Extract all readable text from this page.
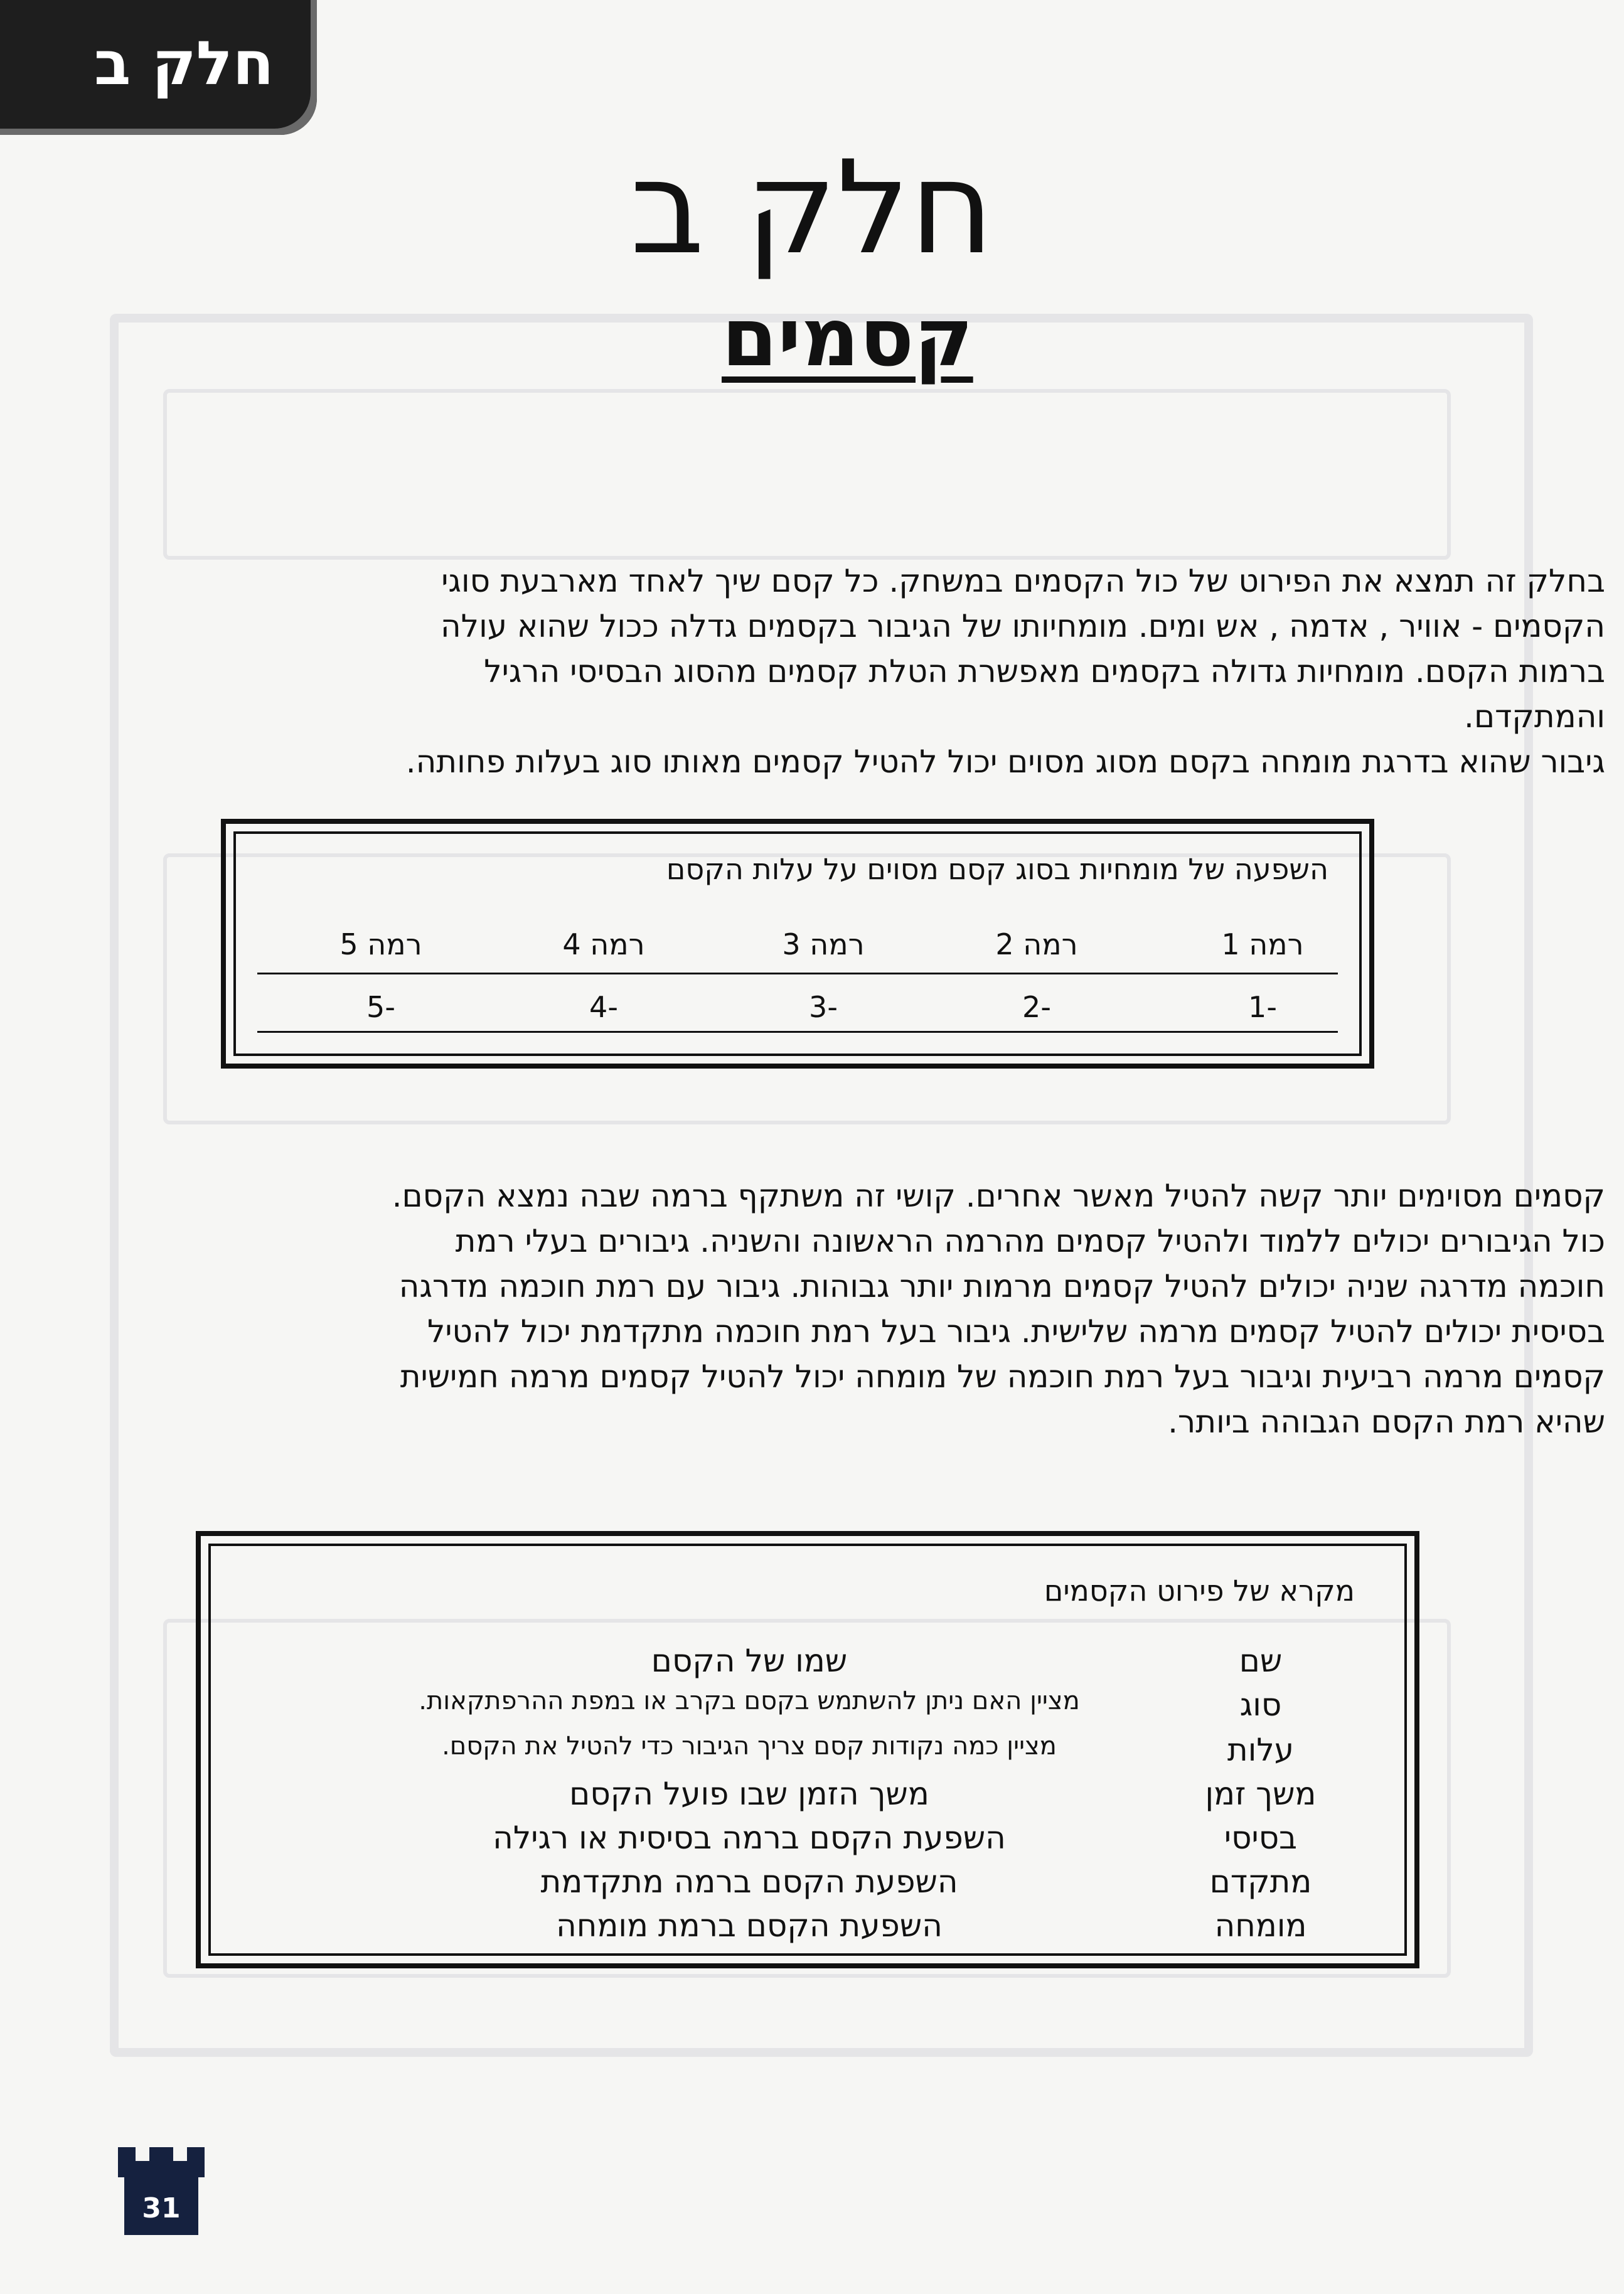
חלק ב
חלק ב
קסמים
בחלק זה תמצא את הפירוט של כול הקסמים במשחק. כל קסם שיך לאחד מארבעת סוגי
הקסמים - אוויר , אדמה , אש ומים. מומחיותו של הגיבור בקסמים גדלה ככול שהוא עולה
ברמות הקסם. מומחיות גדולה בקסמים מאפשרת הטלת קסמים מהסוג הבסיסי הרגיל
והמתקדם.
גיבור שהוא בדרגת מומחה בקסם מסוג מסוים יכול להטיל קסמים מאותו סוג בעלות פחותה.
השפעה של מומחיות בסוג קסם מסוים על עלות הקסם
רמה 1
רמה 2
רמה 3
רמה 4
רמה 5
-1
-2
-3
-4
-5
קסמים מסוימים יותר קשה להטיל מאשר אחרים. קושי זה משתקף ברמה שבה נמצא הקסם.
כול הגיבורים יכולים ללמוד ולהטיל קסמים מהרמה הראשונה והשניה. גיבורים בעלי רמת
חוכמה מדרגה שניה יכולים להטיל קסמים מרמות יותר גבוהות. גיבור עם רמת חוכמה מדרגה
בסיסית יכולים להטיל קסמים מרמה שלישית. גיבור בעל רמת חוכמה מתקדמת יכול להטיל
קסמים מרמה רביעית וגיבור בעל רמת חוכמה של מומחה יכול להטיל קסמים מרמה חמישית
שהיא רמת הקסם הגבוהה ביותר.
מקרא של פירוט הקסמים
שם
שמו של הקסם
סוג
מציין האם ניתן להשתמש בקסם בקרב או במפת ההרפתקאות.
עלות
מציין כמה נקודות קסם צריך הגיבור כדי להטיל את הקסם.
משך זמן
משך הזמן שבו פועל הקסם
בסיסי
השפעת הקסם ברמה בסיסית או רגילה
מתקדם
השפעת הקסם ברמה מתקדמת
מומחה
השפעת הקסם ברמת מומחה
31
